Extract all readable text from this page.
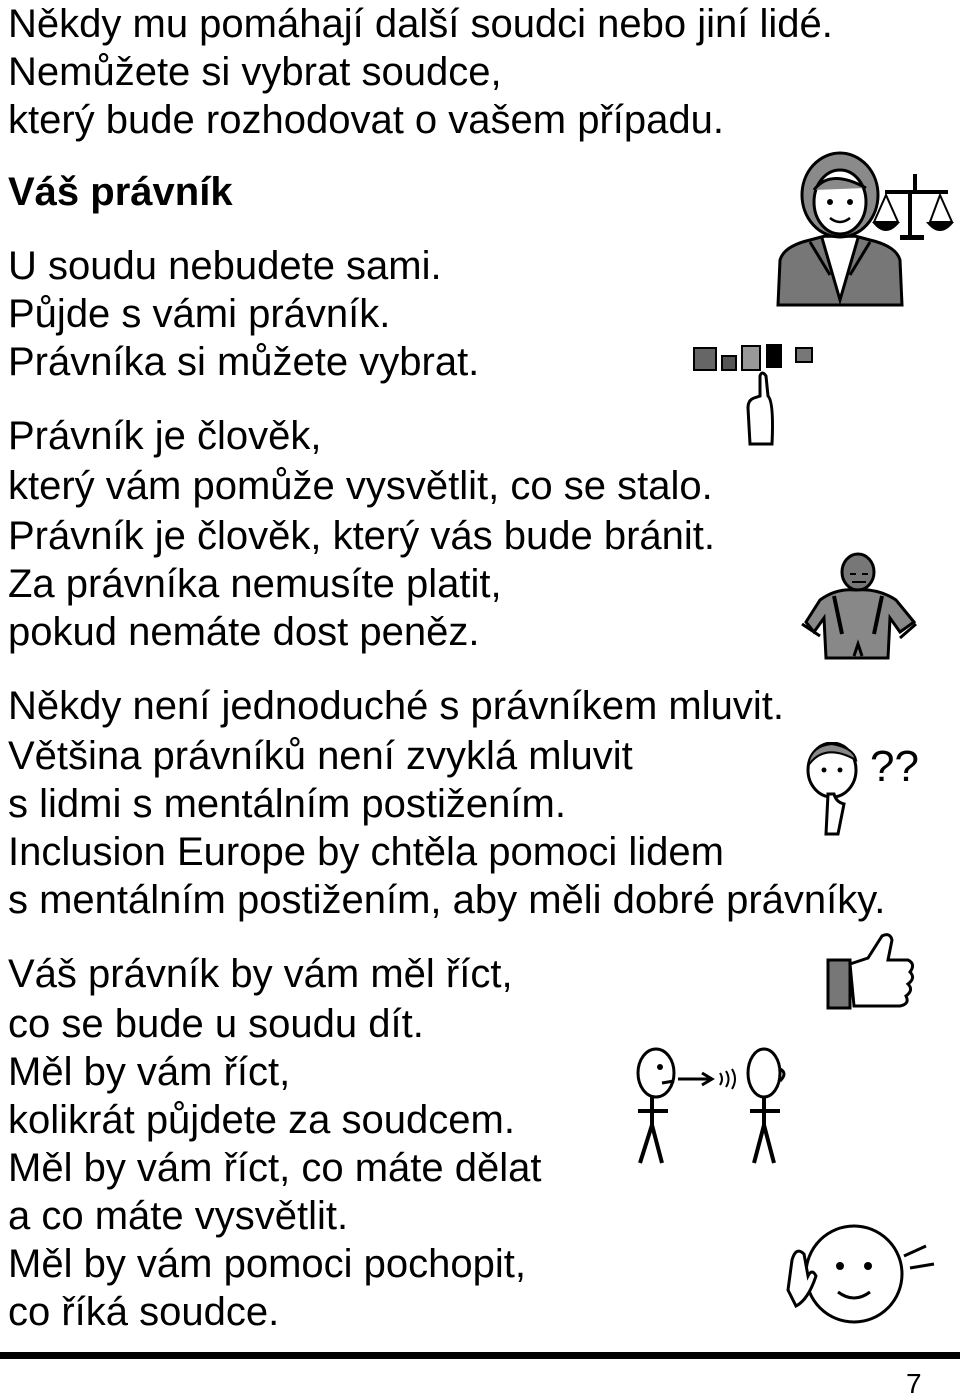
Někdy mu pomáhají další soudci nebo jiní lidé.
Nemůžete si vybrat soudce,
který bude rozhodovat o vašem případu.
Váš právník
U soudu nebudete sami.
Půjde s vámi právník.
Právníka si můžete vybrat.
Právník je člověk,
který vám pomůže vysvětlit, co se stalo.
Právník je člověk, který vás bude bránit.
Za právníka nemusíte platit,
pokud nemáte dost peněz.
Někdy není jednoduché s právníkem mluvit.
Většina právníků není zvyklá mluvit
s lidmi s mentálním postižením.
Inclusion Europe by chtěla pomoci lidem
s mentálním postižením, aby měli dobré právníky.
Váš právník by vám měl říct,
co se bude u soudu dít.
Měl by vám říct,
kolikrát půjdete za soudcem.
Měl by vám říct, co máte dělat
a co máte vysvětlit.
Měl by vám pomoci pochopit,
co říká soudce.
??
7
